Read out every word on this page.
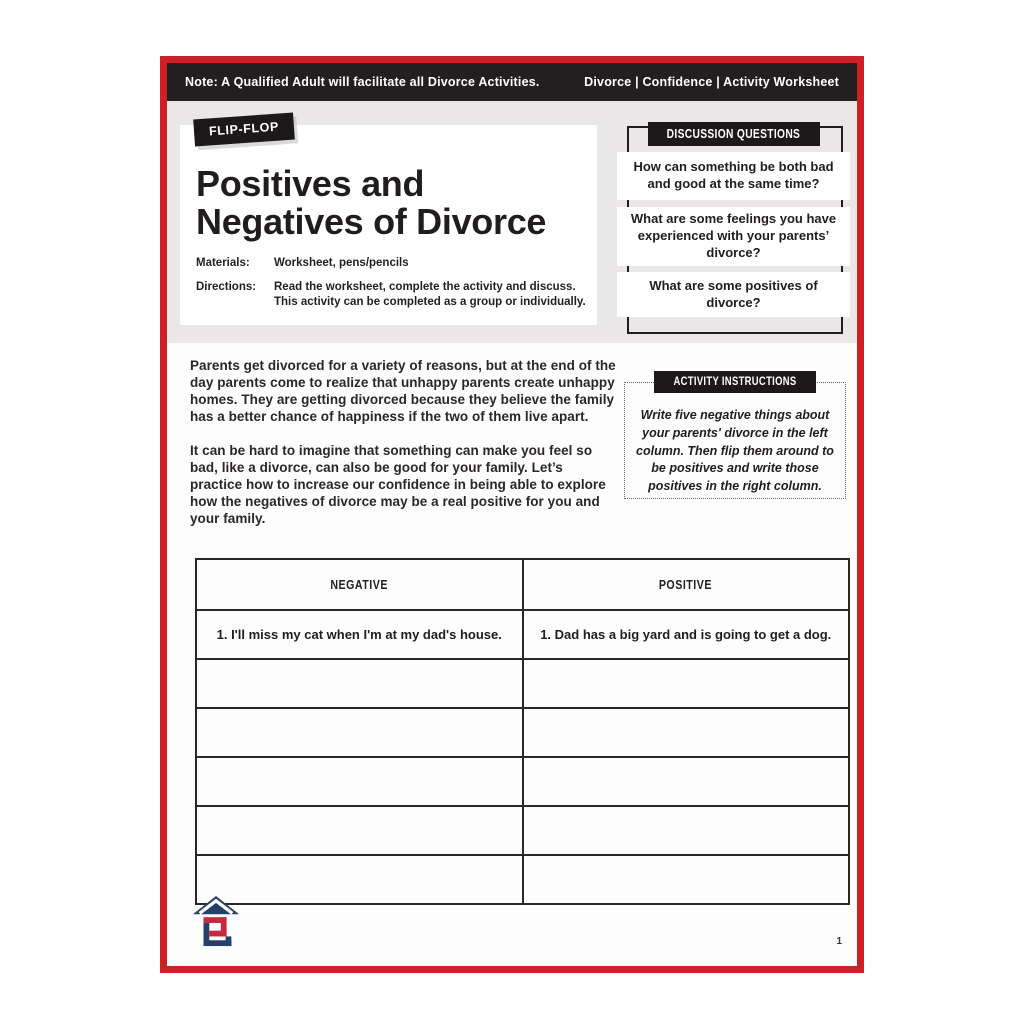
Note: A Qualified Adult will facilitate all Divorce Activities.	Divorce | Confidence | Activity Worksheet
FLIP-FLOP
Positives and Negatives of Divorce
Materials:	Worksheet, pens/pencils
Directions:	Read the worksheet, complete the activity and discuss. This activity can be completed as a group or individually.
DISCUSSION QUESTIONS
How can something be both bad and good at the same time?
What are some feelings you have experienced with your parents’ divorce?
What are some positives of divorce?

Parents get divorced for a variety of reasons, but at the end of the day parents come to realize that unhappy parents create unhappy homes. They are getting divorced because they believe the family has a better chance of happiness if the two of them live apart.

It can be hard to imagine that something can make you feel so bad, like a divorce, can also be good for your family. Let’s practice how to increase our confidence in being able to explore how the negatives of divorce may be a real positive for you and your family.

ACTIVITY INSTRUCTIONS
Write five negative things about your parents' divorce in the left column. Then flip them around to be positives and write those positives in the right column.
NEGATIVE	POSITIVE
1. I'll miss my cat when I'm at my dad's house.	1. Dad has a big yard and is going to get a dog.

1
